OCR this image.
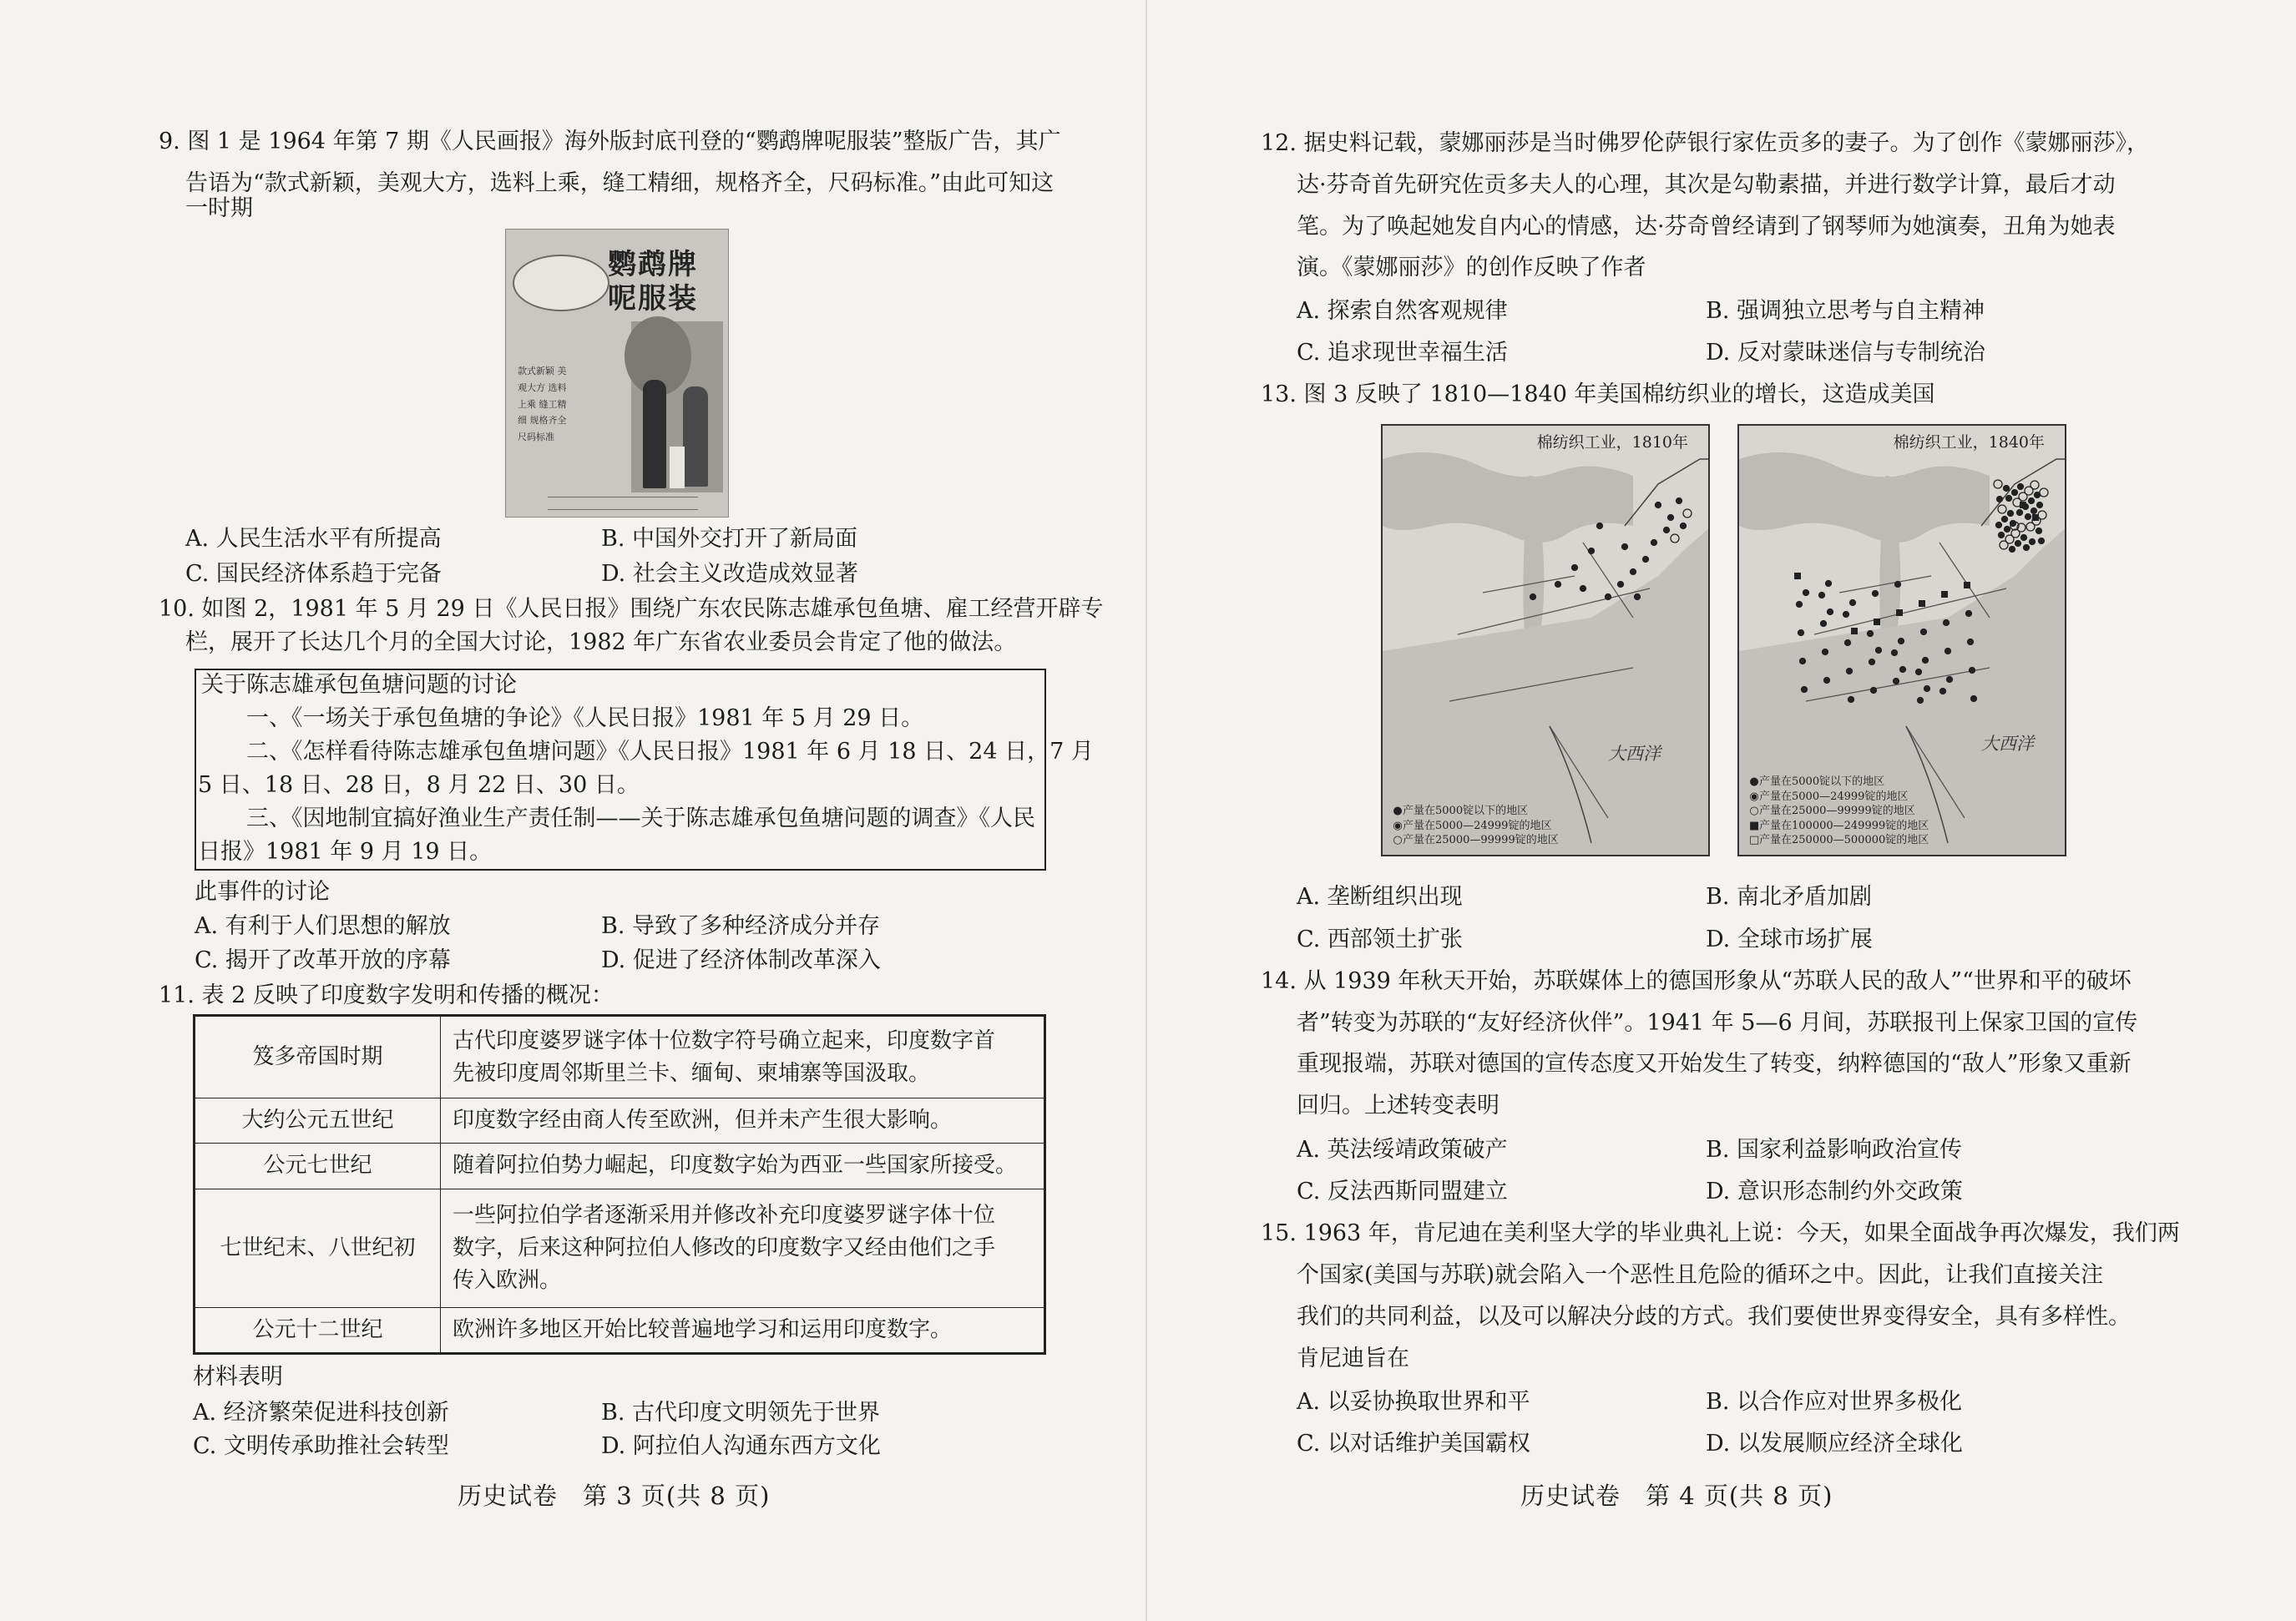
9. 图 1 是 1964 年第 7 期《人民画报》海外版封底刊登的“鹦鹉牌呢服装”整版广告，其广
告语为“款式新颖，美观大方，选料上乘，缝工精细，规格齐全，尺码标准。”由此可知这
一时期
鹦鹉牌
呢服装
款式新颖 美观大方 选料上乘 缝工精细 规格齐全 尺码标准
A. 人民生活水平有所提高	B. 中国外交打开了新局面
C. 国民经济体系趋于完备	D. 社会主义改造成效显著
10. 如图 2，1981 年 5 月 29 日《人民日报》围绕广东农民陈志雄承包鱼塘、雇工经营开辟专
栏，展开了长达几个月的全国大讨论，1982 年广东省农业委员会肯定了他的做法。
关于陈志雄承包鱼塘问题的讨论
一、《一场关于承包鱼塘的争论》《人民日报》1981 年 5 月 29 日。
二、《怎样看待陈志雄承包鱼塘问题》《人民日报》1981 年 6 月 18 日、24 日，7 月
5 日、18 日、28 日，8 月 22 日、30 日。
三、《因地制宜搞好渔业生产责任制——关于陈志雄承包鱼塘问题的调查》《人民
日报》1981 年 9 月 19 日。
此事件的讨论
A. 有利于人们思想的解放	B. 导致了多种经济成分并存
C. 揭开了改革开放的序幕	D. 促进了经济体制改革深入
11. 表 2 反映了印度数字发明和传播的概况：
笈多帝国时期	古代印度婆罗谜字体十位数字符号确立起来，印度数字首
先被印度周邻斯里兰卡、缅甸、柬埔寨等国汲取。

大约公元五世纪	印度数字经由商人传至欧洲，但并未产生很大影响。

公元七世纪	随着阿拉伯势力崛起，印度数字始为西亚一些国家所接受。

七世纪末、八世纪初	一些阿拉伯学者逐渐采用并修改补充印度婆罗谜字体十位
数字，后来这种阿拉伯人修改的印度数字又经由他们之手
传入欧洲。

公元十二世纪	欧洲许多地区开始比较普遍地学习和运用印度数字。
材料表明
A. 经济繁荣促进科技创新	B. 古代印度文明领先于世界
C. 文明传承助推社会转型	D. 阿拉伯人沟通东西方文化
历史试卷　第 3 页(共 8 页)
12. 据史料记载，蒙娜丽莎是当时佛罗伦萨银行家佐贡多的妻子。为了创作《蒙娜丽莎》，
达·芬奇首先研究佐贡多夫人的心理，其次是勾勒素描，并进行数学计算，最后才动
笔。为了唤起她发自内心的情感，达·芬奇曾经请到了钢琴师为她演奏，丑角为她表
演。《蒙娜丽莎》的创作反映了作者
A. 探索自然客观规律	B. 强调独立思考与自主精神
C. 追求现世幸福生活	D. 反对蒙昧迷信与专制统治
13. 图 3 反映了 1810—1840 年美国棉纺织业的增长，这造成美国
棉纺织工业，1810年
大西洋
●产量在5000锭以下的地区
◉产量在5000—24999锭的地区
○产量在25000—99999锭的地区
棉纺织工业，1840年
大西洋
●产量在5000锭以下的地区
◉产量在5000—24999锭的地区
○产量在25000—99999锭的地区
■产量在100000—249999锭的地区
□产量在250000—500000锭的地区
A. 垄断组织出现	B. 南北矛盾加剧
C. 西部领土扩张	D. 全球市场扩展
14. 从 1939 年秋天开始，苏联媒体上的德国形象从“苏联人民的敌人”“世界和平的破坏
者”转变为苏联的“友好经济伙伴”。1941 年 5—6 月间，苏联报刊上保家卫国的宣传
重现报端，苏联对德国的宣传态度又开始发生了转变，纳粹德国的“敌人”形象又重新
回归。上述转变表明
A. 英法绥靖政策破产	B. 国家利益影响政治宣传
C. 反法西斯同盟建立	D. 意识形态制约外交政策
15. 1963 年，肯尼迪在美利坚大学的毕业典礼上说：今天，如果全面战争再次爆发，我们两
个国家(美国与苏联)就会陷入一个恶性且危险的循环之中。因此，让我们直接关注
我们的共同利益，以及可以解决分歧的方式。我们要使世界变得安全，具有多样性。
肯尼迪旨在
A. 以妥协换取世界和平	B. 以合作应对世界多极化
C. 以对话维护美国霸权	D. 以发展顺应经济全球化
历史试卷　第 4 页(共 8 页)
